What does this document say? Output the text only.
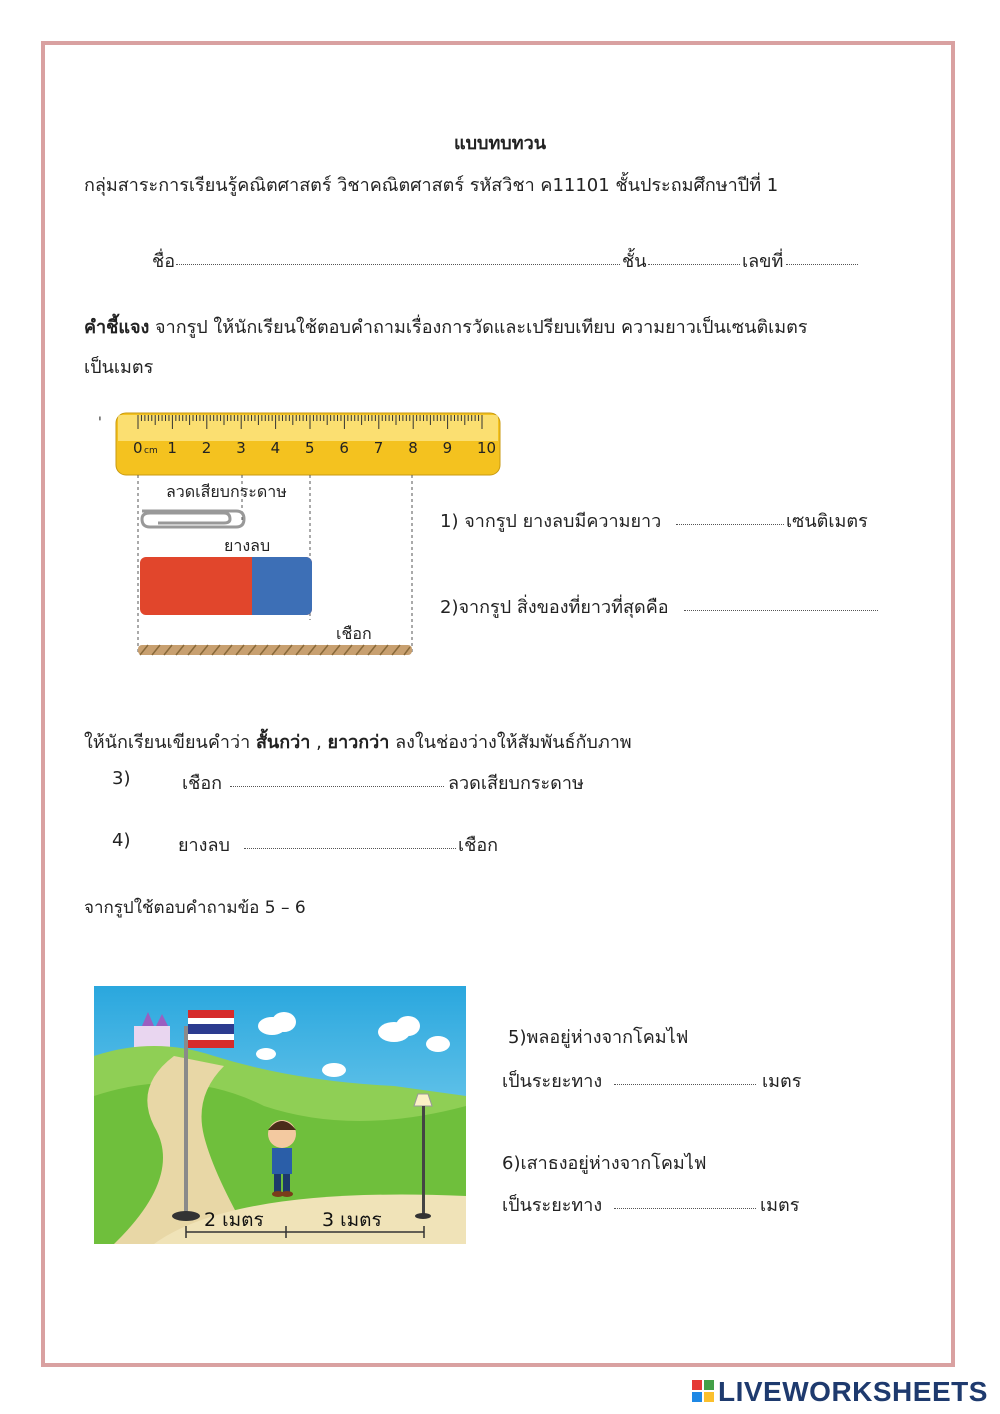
แบบทบทวน
กลุ่มสาระการเรียนรู้คณิตศาสตร์ วิชาคณิตศาสตร์ รหัสวิชา ค11101 ชั้นประถมศึกษาปีที่ 1
ชื่อ	ชั้น	เลขที่
คำชี้แจง จากรูป ให้นักเรียนใช้ตอบคำถามเรื่องการวัดและเปรียบเทียบ ความยาวเป็นเซนติเมตร
เป็นเมตร
'
0 cm 1 2 3 4 5 6 7 8 9 10
ลวดเสียบกระดาษ
ยางลบ
เชือก
1) จากรูป ยางลบมีความยาว	เซนติเมตร
2)จากรูป สิ่งของที่ยาวที่สุดคือ
ให้นักเรียนเขียนคำว่า สั้นกว่า , ยาวกว่า ลงในช่องว่างให้สัมพันธ์กับภาพ
3)	เชือก	ลวดเสียบกระดาษ
4)	ยางลบ	เชือก
จากรูปใช้ตอบคำถามข้อ 5 – 6
2 เมตร	3 เมตร
5)พลอยู่ห่างจากโคมไฟ
เป็นระยะทาง	เมตร
6)เสาธงอยู่ห่างจากโคมไฟ
เป็นระยะทาง	เมตร
LIVEWORKSHEETS
